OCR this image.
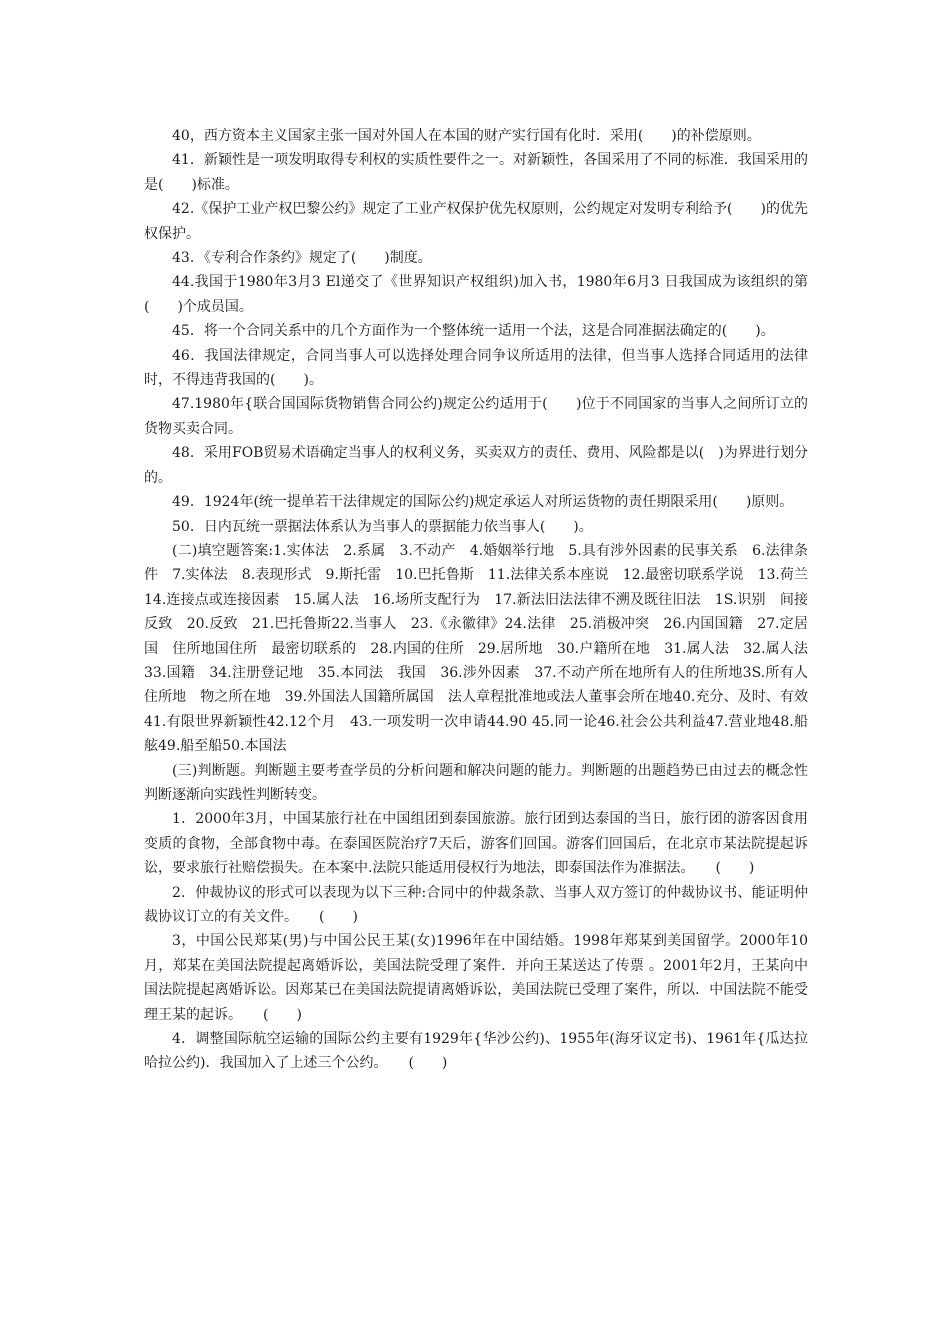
40，西方资本主义国家主张一国对外国人在本国的财产实行国有化时．采用(　　)的补偿原则。

41．新颖性是一项发明取得专利权的实质性要件之一。对新颖性，各国采用了不同的标准．我国采用的是(　　)标准。

42.《保护工业产权巴黎公约》规定了工业产权保护优先权原则，公约规定对发明专利给予(　　)的优先权保护。

43．《专利合作条约》规定了(　　)制度。

44.我国于1980年3月3 El递交了《世界知识产权组织)加入书，1980年6月3 日我国成为该组织的第(　　)个成员国。

45．将一个合同关系中的几个方面作为一个整体统一适用一个法，这是合同准据法确定的(　　)。

46．我国法律规定，合同当事人可以选择处理合同争议所适用的法律，但当事人选择合同适用的法律时，不得违背我国的(　　)。

47.1980年{联合国国际货物销售合同公约)规定公约适用于(　　)位于不同国家的当事人之间所订立的货物买卖合同。

48．采用FOB贸易术语确定当事人的权利义务，买卖双方的责任、费用、风险都是以(　)为界进行划分的。

49．1924年(统一提单若干法律规定的国际公约)规定承运人对所运货物的责任期限采用(　　)原则。

50．日内瓦统一票据法体系认为当事人的票据能力依当事人(　　)。

(二)填空题答案:1.实体法　2.系属　3.不动产　4.婚姻举行地　5.具有涉外因素的民事关系　6.法律条件　7.实体法　8.表现形式　9.斯托雷　10.巴托鲁斯　11.法律关系本座说　12.最密切联系学说　13.荷兰　14.连接点或连接因素　15.属人法　16.场所支配行为　17.新法旧法法律不溯及既往旧法　1S.识别　间接反致　20.反致　21.巴托鲁斯22.当事人　23.《永徽律》24.法律　25.消极冲突　26.内国国籍　27.定居国　住所地国住所　最密切联系的　28.内国的住所　29.居所地　30.户籍所在地　31.属人法　32.属人法　33.国籍　34.注册登记地　35.本同法　我国　36.涉外因素　37.不动产所在地所有人的住所地3S.所有人住所地　物之所在地　39.外国法人国籍所属国　法人章程批准地或法人董事会所在地40.充分、及时、有效41.有限世界新颖性42.12个月　43.一项发明一次申请44.90 45.同一论46.社会公共利益47.营业地48.船舷49.船至船50.本国法

(三)判断题。判断题主要考查学员的分析问题和解决问题的能力。判断题的出题趋势已由过去的概念性判断逐渐向实践性判断转变。

1．2000年3月，中国某旅行社在中国组团到泰国旅游。旅行团到达泰国的当日，旅行团的游客因食用变质的食物，全部食物中毒。在泰国医院治疗7天后，游客们回国。游客们回国后，在北京市某法院提起诉讼，要求旅行社赔偿损失。在本案中.法院只能适用侵权行为地法，即泰国法作为准据法。　　(　　)

2．仲裁协议的形式可以表现为以下三种:合同中的仲裁条款、当事人双方签订的仲裁协议书、能证明仲裁协议订立的有关文件。　　(　　)

3，中国公民郑某(男)与中国公民王某(女)1996年在中国结婚。1998年郑某到美国留学。2000年10月，郑某在美国法院提起离婚诉讼，美国法院受理了案件．并向王某送达了传票 。2001年2月，王某向中国法院提起离婚诉讼。因郑某已在美国法院提请离婚诉讼，美国法院已受理了案件，所以．中国法院不能受理王某的起诉。　　(　　)

4．调整国际航空运输的国际公约主要有1929年{华沙公约)、1955年(海牙议定书)、1961年{瓜达拉哈拉公约)．我国加入了上述三个公约。　　(　　)
